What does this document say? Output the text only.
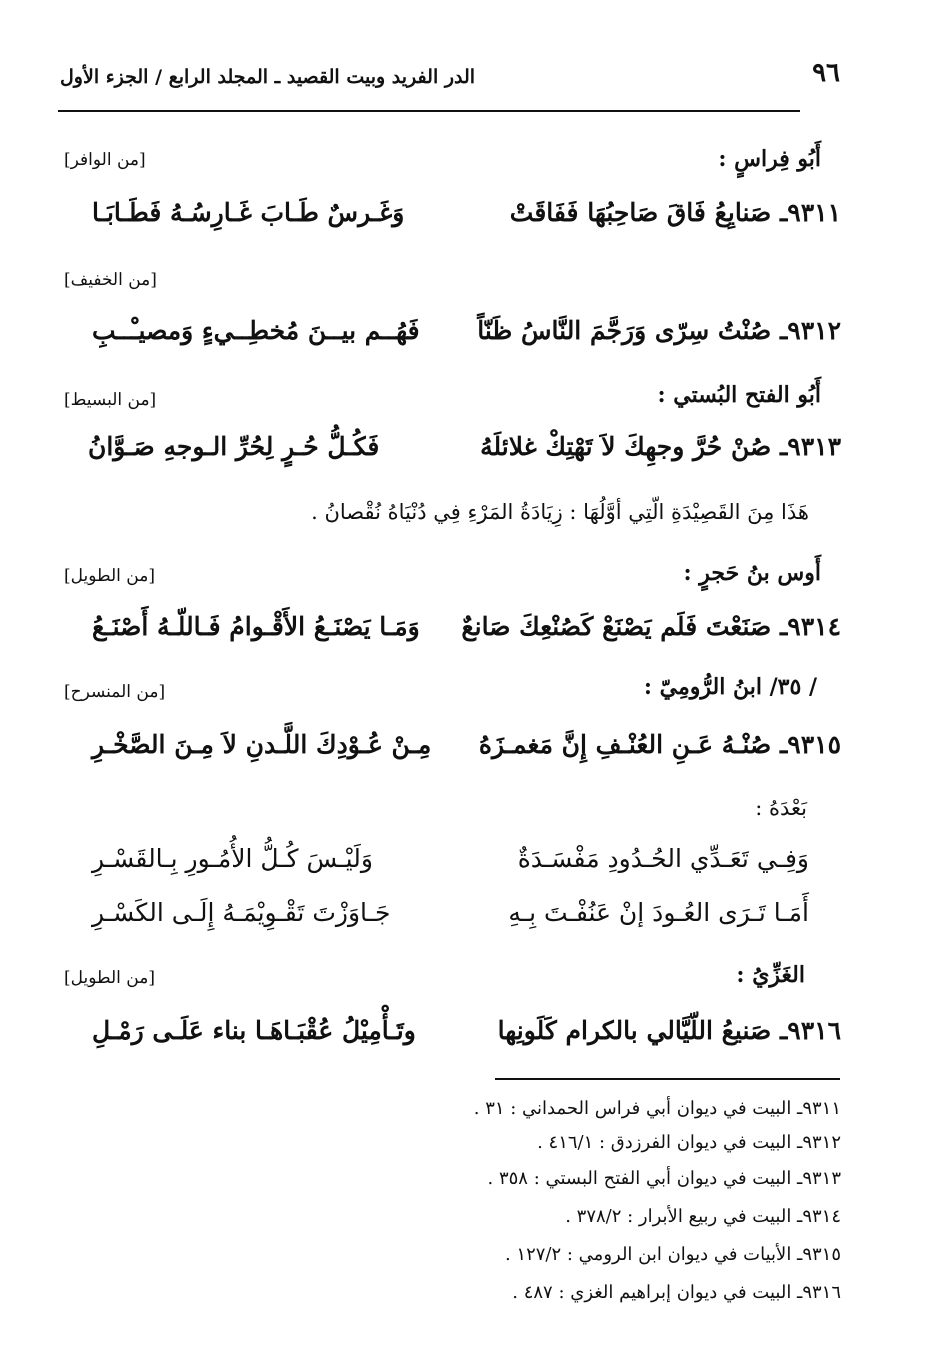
٩٦
الدر الفريد وبيت القصيد ـ المجلد الرابع / الجزء الأول
أَبُو فِراسٍ :
[من الوافر]
٩٣١١ـ صَنايِعُ فَاقَ صَاحِبُهَا فَفَاقَتْ
وَغَـرسٌ طَـابَ غَـارِسُـهُ فَطَـابَـا
[من الخفيف]
٩٣١٢ـ صُنْتُ سِرّى وَرَجَّمَ النَّاسُ ظَنّاً
فَهُــم بيــنَ مُخطِــيءٍ وَمصيـْــبِ
أَبُو الفتح البُستي :
[من البسيط]
٩٣١٣ـ صُنْ حُرَّ وجهِكَ لاَ تَهْتِكْ غلائلَهُ
فَكُـلُّ حُـرٍ لِحُرِّ الـوجهِ صَـوَّانُ
هَذَا مِنَ القَصِيْدَةِ الّتِي أوَّلُهَا : زِيَادَةُ المَرْءِ فِي دُنْيَاهُ نُقْصانُ .
أَوس بنُ حَجرٍ :
[من الطويل]
٩٣١٤ـ صَنَعْتَ فَلَم يَصْنَعْ كَصُنْعِكَ صَانعٌ
وَمَـا يَصْنَـعُ الأَقْـوامُ فَـاللّـهُ أَصْنَـعُ
/ ٣٥/ ابنُ الرُّومِيّ :
[من المنسرح]
٩٣١٥ـ صُنْـهُ عَـنِ العُنْـفِ إِنَّ مَغمـزَهُ
مِـنْ عُـوْدِكَ اللَّـدنِ لاَ مِـنَ الصَّخْـرِ
بَعْدَهُ :
وَفِـي تَعَـدِّي الحُـدُودِ مَفْسَـدَةٌ
وَلَيْـسَ كُـلُّ الأُمُـورِ بِـالقَسْـرِ
أَمَـا تَـرَى العُـودَ إنْ عَنُفْـتَ بِـهِ
جَـاوَزْتَ تَقْـوِيْمَـهُ إِلَـى الكَسْـرِ
الغَزِّيُ :
[من الطويل]
٩٣١٦ـ صَنيعُ اللّيَّالي بالكرام كَلَونِها
وتَـأْمِيْلُ عُقْبَـاهَـا بناء عَلَـى رَمْـلِ
٩٣١١ـ البيت في ديوان أبي فراس الحمداني : ٣١ .
٩٣١٢ـ البيت في ديوان الفرزدق : ٤١٦/١ .
٩٣١٣ـ البيت في ديوان أبي الفتح البستي : ٣٥٨ .
٩٣١٤ـ البيت في ربيع الأبرار : ٣٧٨/٢ .
٩٣١٥ـ الأبيات في ديوان ابن الرومي : ١٢٧/٢ .
٩٣١٦ـ البيت في ديوان إبراهيم الغزي : ٤٨٧ .
